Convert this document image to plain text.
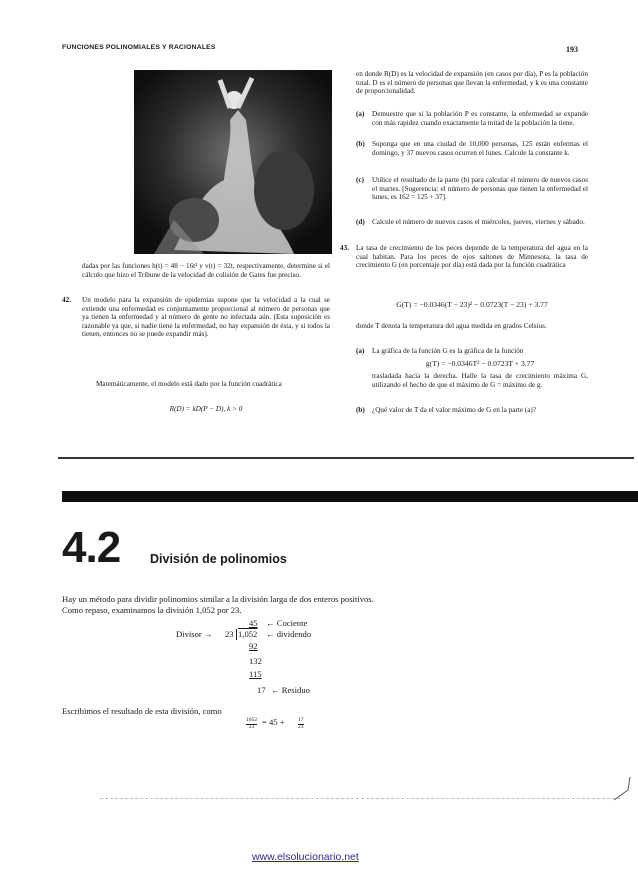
FUNCIONES POLINOMIALES Y RACIONALES	193
dadas por las funciones h(t) = 48 − 16t² y v(t) = 32t, respectivamente, determine si el cálculo que hizo el Tribune de la velocidad de colisión de Gates fue preciso.
42. Un modelo para la expansión de epidemias supone que la velocidad a la cual se extiende una enfermedad es conjuntamente proporcional al número de personas que ya tienen la enfermedad y al número de gente no infectada aún. (Esta suposición es razonable ya que, si nadie tiene la enfermedad, no hay expansión de ésta, y si todos la tienen, entonces no se puede expandir más).
Matemáticamente, el modelo está dado por la función cuadrática
R(D) = kD(P − D), k > 0
en donde R(D) es la velocidad de expansión (en casos por día), P es la población total. D es el número de personas que llevan la enfermedad, y k es una constante de proporcionalidad.
(a) Demuestre que si la población P es constante, la enfermedad se expande con más rapidez cuando exactamente la mitad de la población la tiene.
(b) Suponga que en una ciudad de 10,000 personas, 125 están enfermas el domingo, y 37 nuevos casos ocurren el lunes. Calcule la constante k.
(c) Utilice el resultado de la parte (b) para calcular el número de nuevos casos el martes. [Sugerencia: el número de personas que tienen la enfermedad el lunes, es 162 = 125 + 37].
(d) Calcule el número de nuevos casos el miércoles, jueves, viernes y sábado.
43. La tasa de crecimiento de los peces depende de la temperatura del agua en la cual habitan. Para los peces de ojos saltones de Minnesota, la tasa de crecimiento G (en porcentaje por día) está dada por la función cuadrática
G(T) = −0.0346(T − 23)² − 0.0723(T − 23) + 3.77
donde T denota la temperatura del agua medida en grados Celsius.
(a) La gráfica de la función G es la gráfica de la función
g(T) = −0.0346T² − 0.0723T + 3.77
trasladada hacia la derecha. Halle la tasa de crecimiento máxima G, utilizando el hecho de que el máximo de G = máximo de g.
(b) ¿Qué valor de T da el valor máximo de G en la parte (a)?
4.2 División de polinomios
Hay un método para dividir polinomios similar a la división larga de dos enteros positivos.
Como repaso, examinamos la división 1,052 por 23.
45 ← Cociente
Divisor → 23 1,052 ← dividendo
92
132
115
17 ← Residuo
Escribimos el resultado de esta división, como
1052
23 = 45 + 17
23
www.elsolucionario.net
